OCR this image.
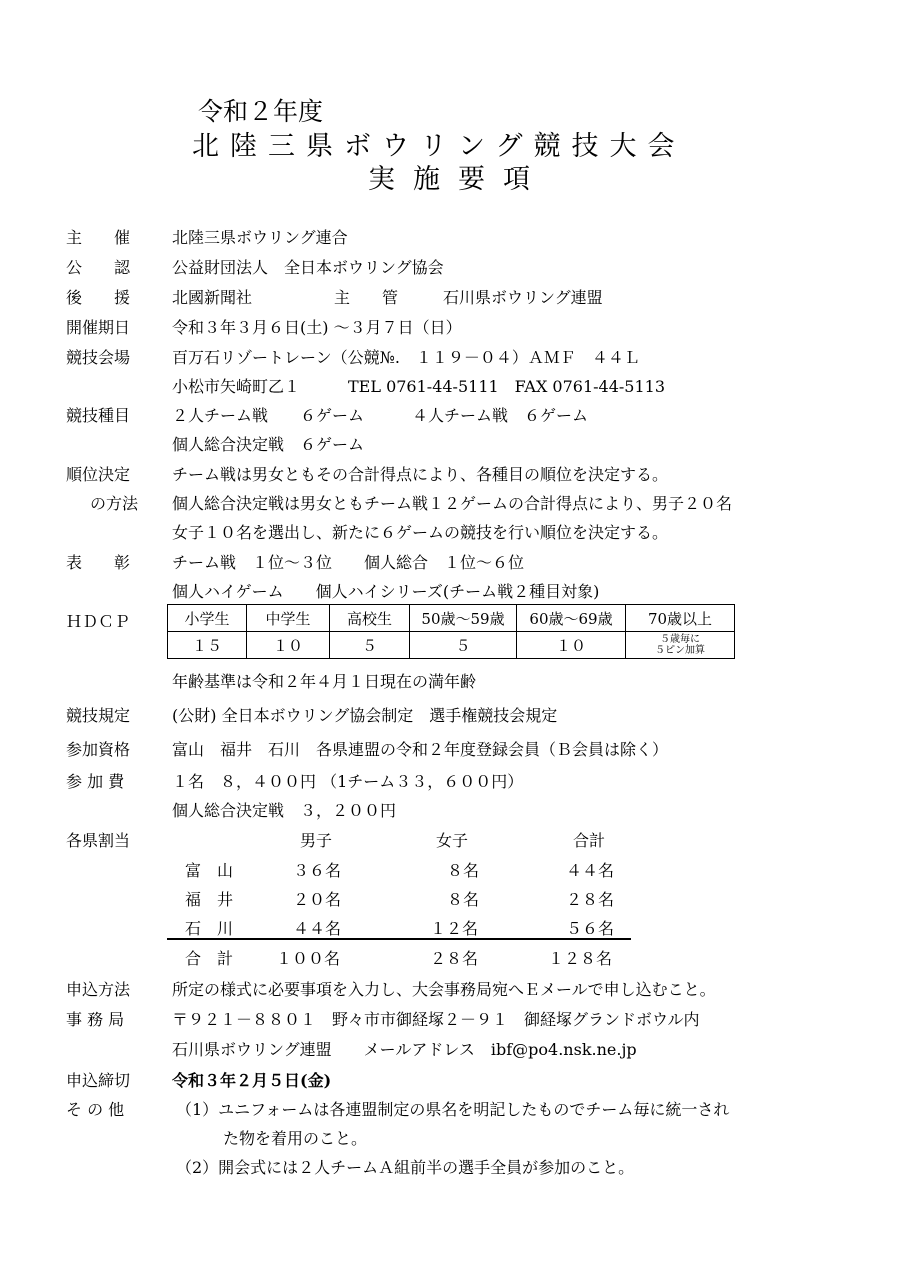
令和２年度
北陸三県ボウリング競技大会
実施要項
主　　催	北陸三県ボウリング連合
公　　認	公益財団法人　全日本ボウリング協会
後　　援	北國新聞社	主　　管	石川県ボウリング連盟
開催期日	令和３年３月６日(土) ～３月７日（日）
競技会場	百万石リゾートレーン（公競№.　１１９－０４）ＡＭＦ　４４Ｌ
小松市矢崎町乙１　　　TEL 0761-44-5111　FAX 0761-44-5113
競技種目	２人チーム戦　　６ゲーム　　　４人チーム戦　６ゲーム
個人総合決定戦　６ゲーム
順位決定
の方法
チーム戦は男女ともその合計得点により、各種目の順位を決定する。
個人総合決定戦は男女ともチーム戦１２ゲームの合計得点により、男子２０名
女子１０名を選出し、新たに６ゲームの競技を行い順位を決定する。
表　　彰	チーム戦　１位～３位　　個人総合　１位～６位
個人ハイゲーム　　個人ハイシリーズ(チーム戦２種目対象)
ＨＤＣＰ	小学生	中学生	高校生	50歳～59歳	60歳～69歳	70歳以上
１５	１０	５	５	１０	５歳毎に
５ピン加算
年齢基準は令和２年４月１日現在の満年齢
競技規定	(公財) 全日本ボウリング協会制定　選手権競技会規定
参加資格	富山　福井　石川　各県連盟の令和２年度登録会員（Ｂ会員は除く）
参 加 費	１名　８，４００円 （1チーム３３，６００円）
個人総合決定戦　３，２００円
各県割当	男子	女子	合計
富　山	３６名	８名	４４名
福　井	２０名	８名	２８名
石　川	４４名	１２名	５６名
合　計	１００名	２８名	１２８名
申込方法	所定の様式に必要事項を入力し、大会事務局宛へＥメールで申し込むこと。
事 務 局	〒９２１－８８０１　野々市市御経塚２－９１　御経塚グランドボウル内
石川県ボウリング連盟　　メールアドレス　ibf@po4.nsk.ne.jp
申込締切	令和３年２月５日(金)
そ の 他	（1）ユニフォームは各連盟制定の県名を明記したものでチーム毎に統一され
た物を着用のこと。
（2）開会式には２人チームＡ組前半の選手全員が参加のこと。
